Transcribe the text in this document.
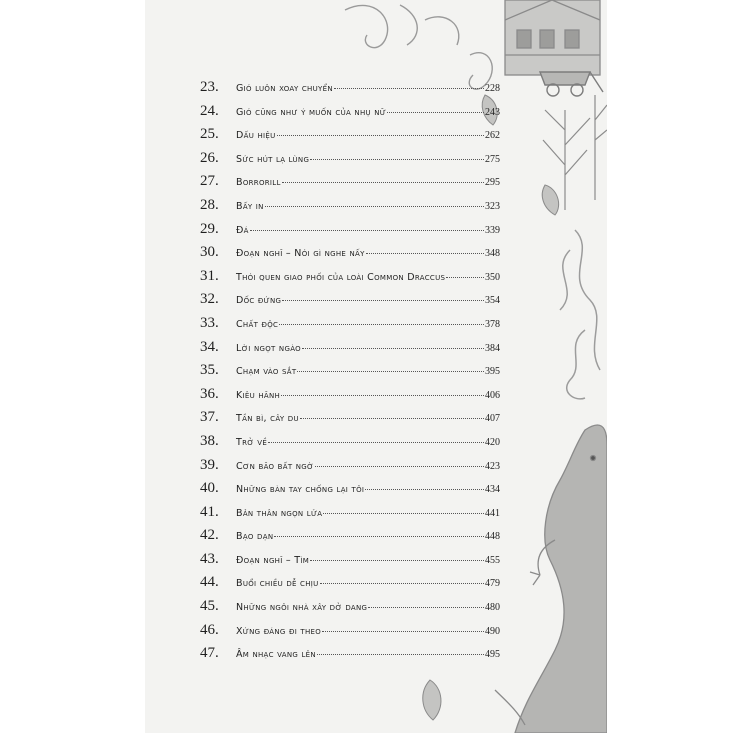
23.	Gió luôn xoay chuyển	228
24.	Gió cũng như ý muốn của nhụ nữ	243
25.	Dấu hiệu	262
26.	Sức hút lạ lùng	275
27.	Borrorill	295
28.	Bấy in	323
29.	Đá	339
30.	Đoạn nghĩ – Nói gì nghe nấy	348
31.	Thói quen giao phối của loài Common Draccus	350
32.	Dốc đứng	354
33.	Chất độc	378
34.	Lời ngọt ngào	384
35.	Chạm vào sắt	395
36.	Kiêu hãnh	406
37.	Tần bì, cây du	407
38.	Trở về	420
39.	Cơn bão bất ngờ	423
40.	Những bàn tay chống lại tôi	434
41.	Bản thân ngọn lửa	441
42.	Bạo dạn	448
43.	Đoạn nghĩ – Tìm	455
44.	Buổi chiều dễ chịu	479
45.	Những ngôi nhà xây dở dang	480
46.	Xứng đáng đi theo	490
47.	Âm nhạc vang lên	495
